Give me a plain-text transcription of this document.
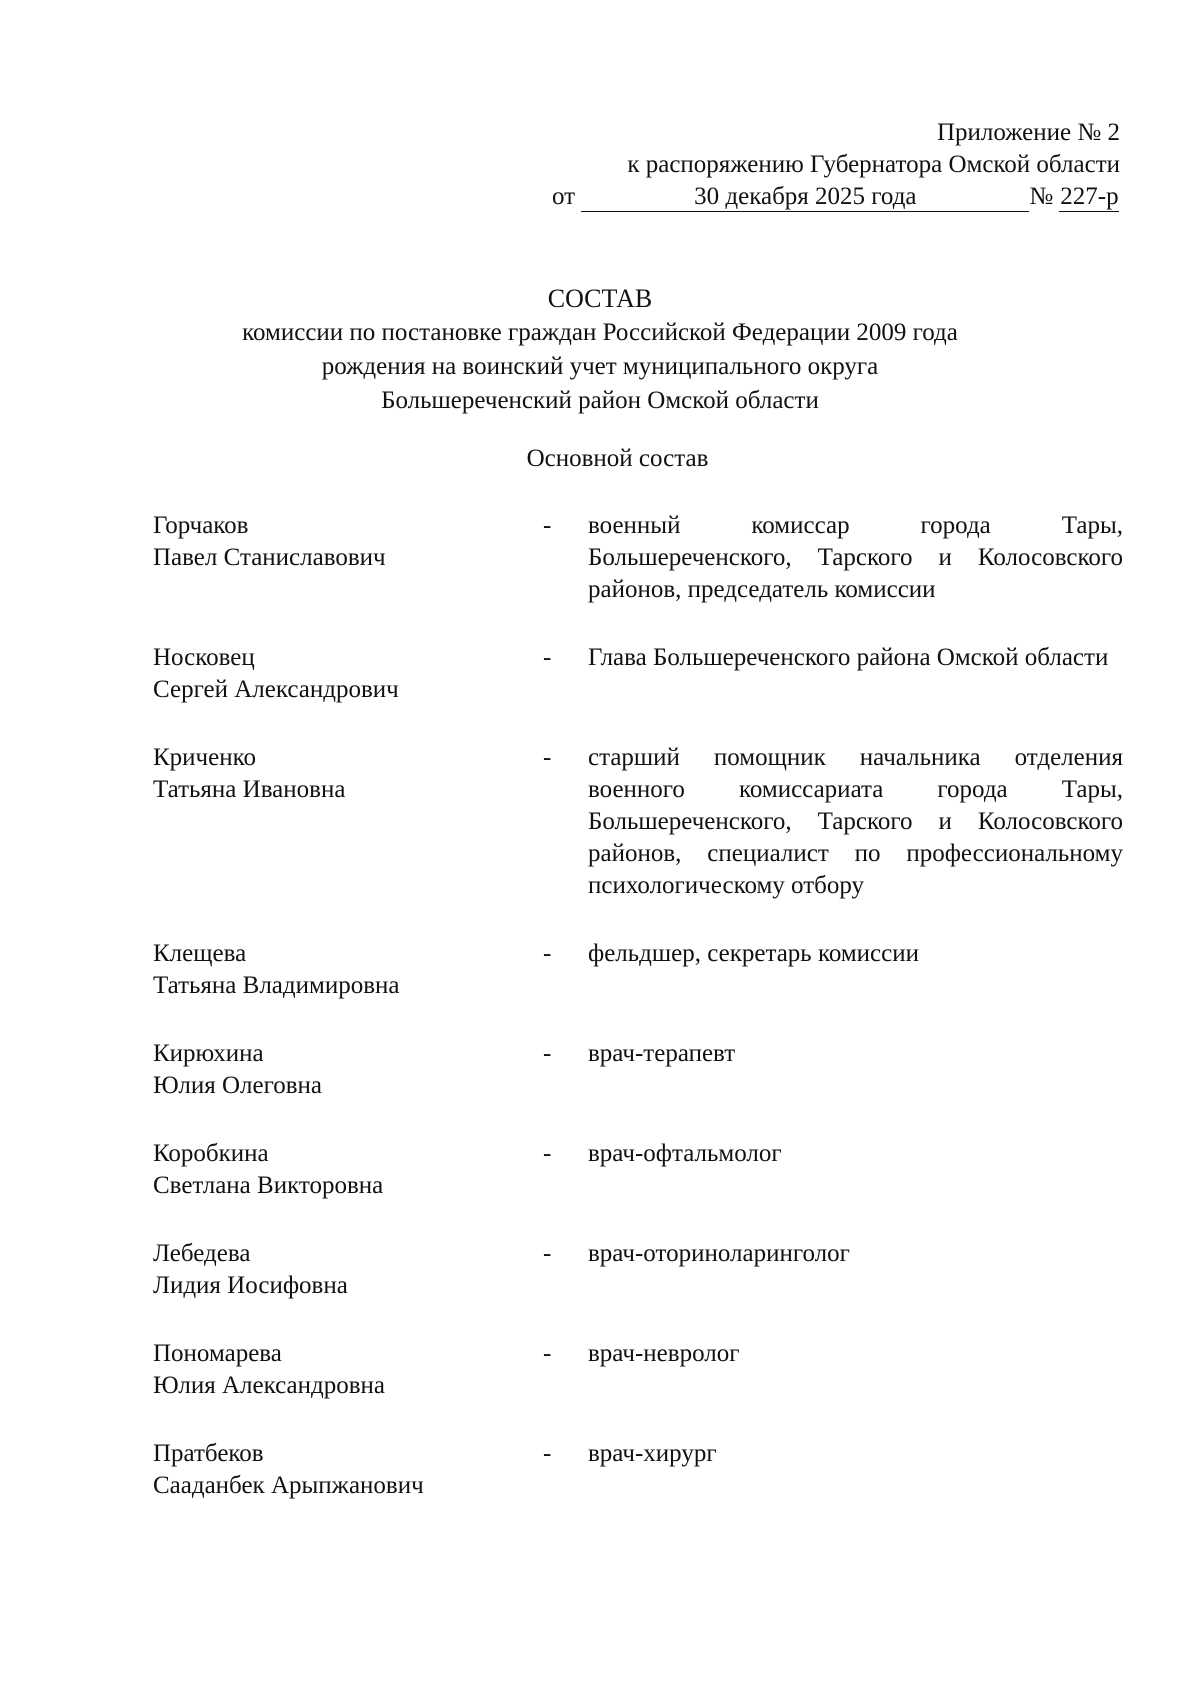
Приложение № 2
к распоряжению Губернатора Омской области
от	30 декабря 2025 года	№ 227-р
СОСТАВ
комиссии по постановке граждан Российской Федерации 2009 года
рождения на воинский учет муниципального округа
Большереченский район Омской области
Основной состав
Горчаков
Павел Станиславович
-	военный комиссар города Тары, Большереченского, Тарского и Колосовского районов, председатель комиссии
Носковец
Сергей Александрович
-	Глава Большереченского района Омской области
Криченко
Татьяна Ивановна
-	старший помощник начальника отделения военного комиссариата города Тары, Большереченского, Тарского и Колосовского районов, специалист по профессиональному психологическому отбору
Клещева
Татьяна Владимировна
-	фельдшер, секретарь комиссии
Кирюхина
Юлия Олеговна
-	врач-терапевт
Коробкина
Светлана Викторовна
-	врач-офтальмолог
Лебедева
Лидия Иосифовна
-	врач-оториноларинголог
Пономарева
Юлия Александровна
-	врач-невролог
Пратбеков
Сааданбек Арыпжанович
-	врач-хирург
